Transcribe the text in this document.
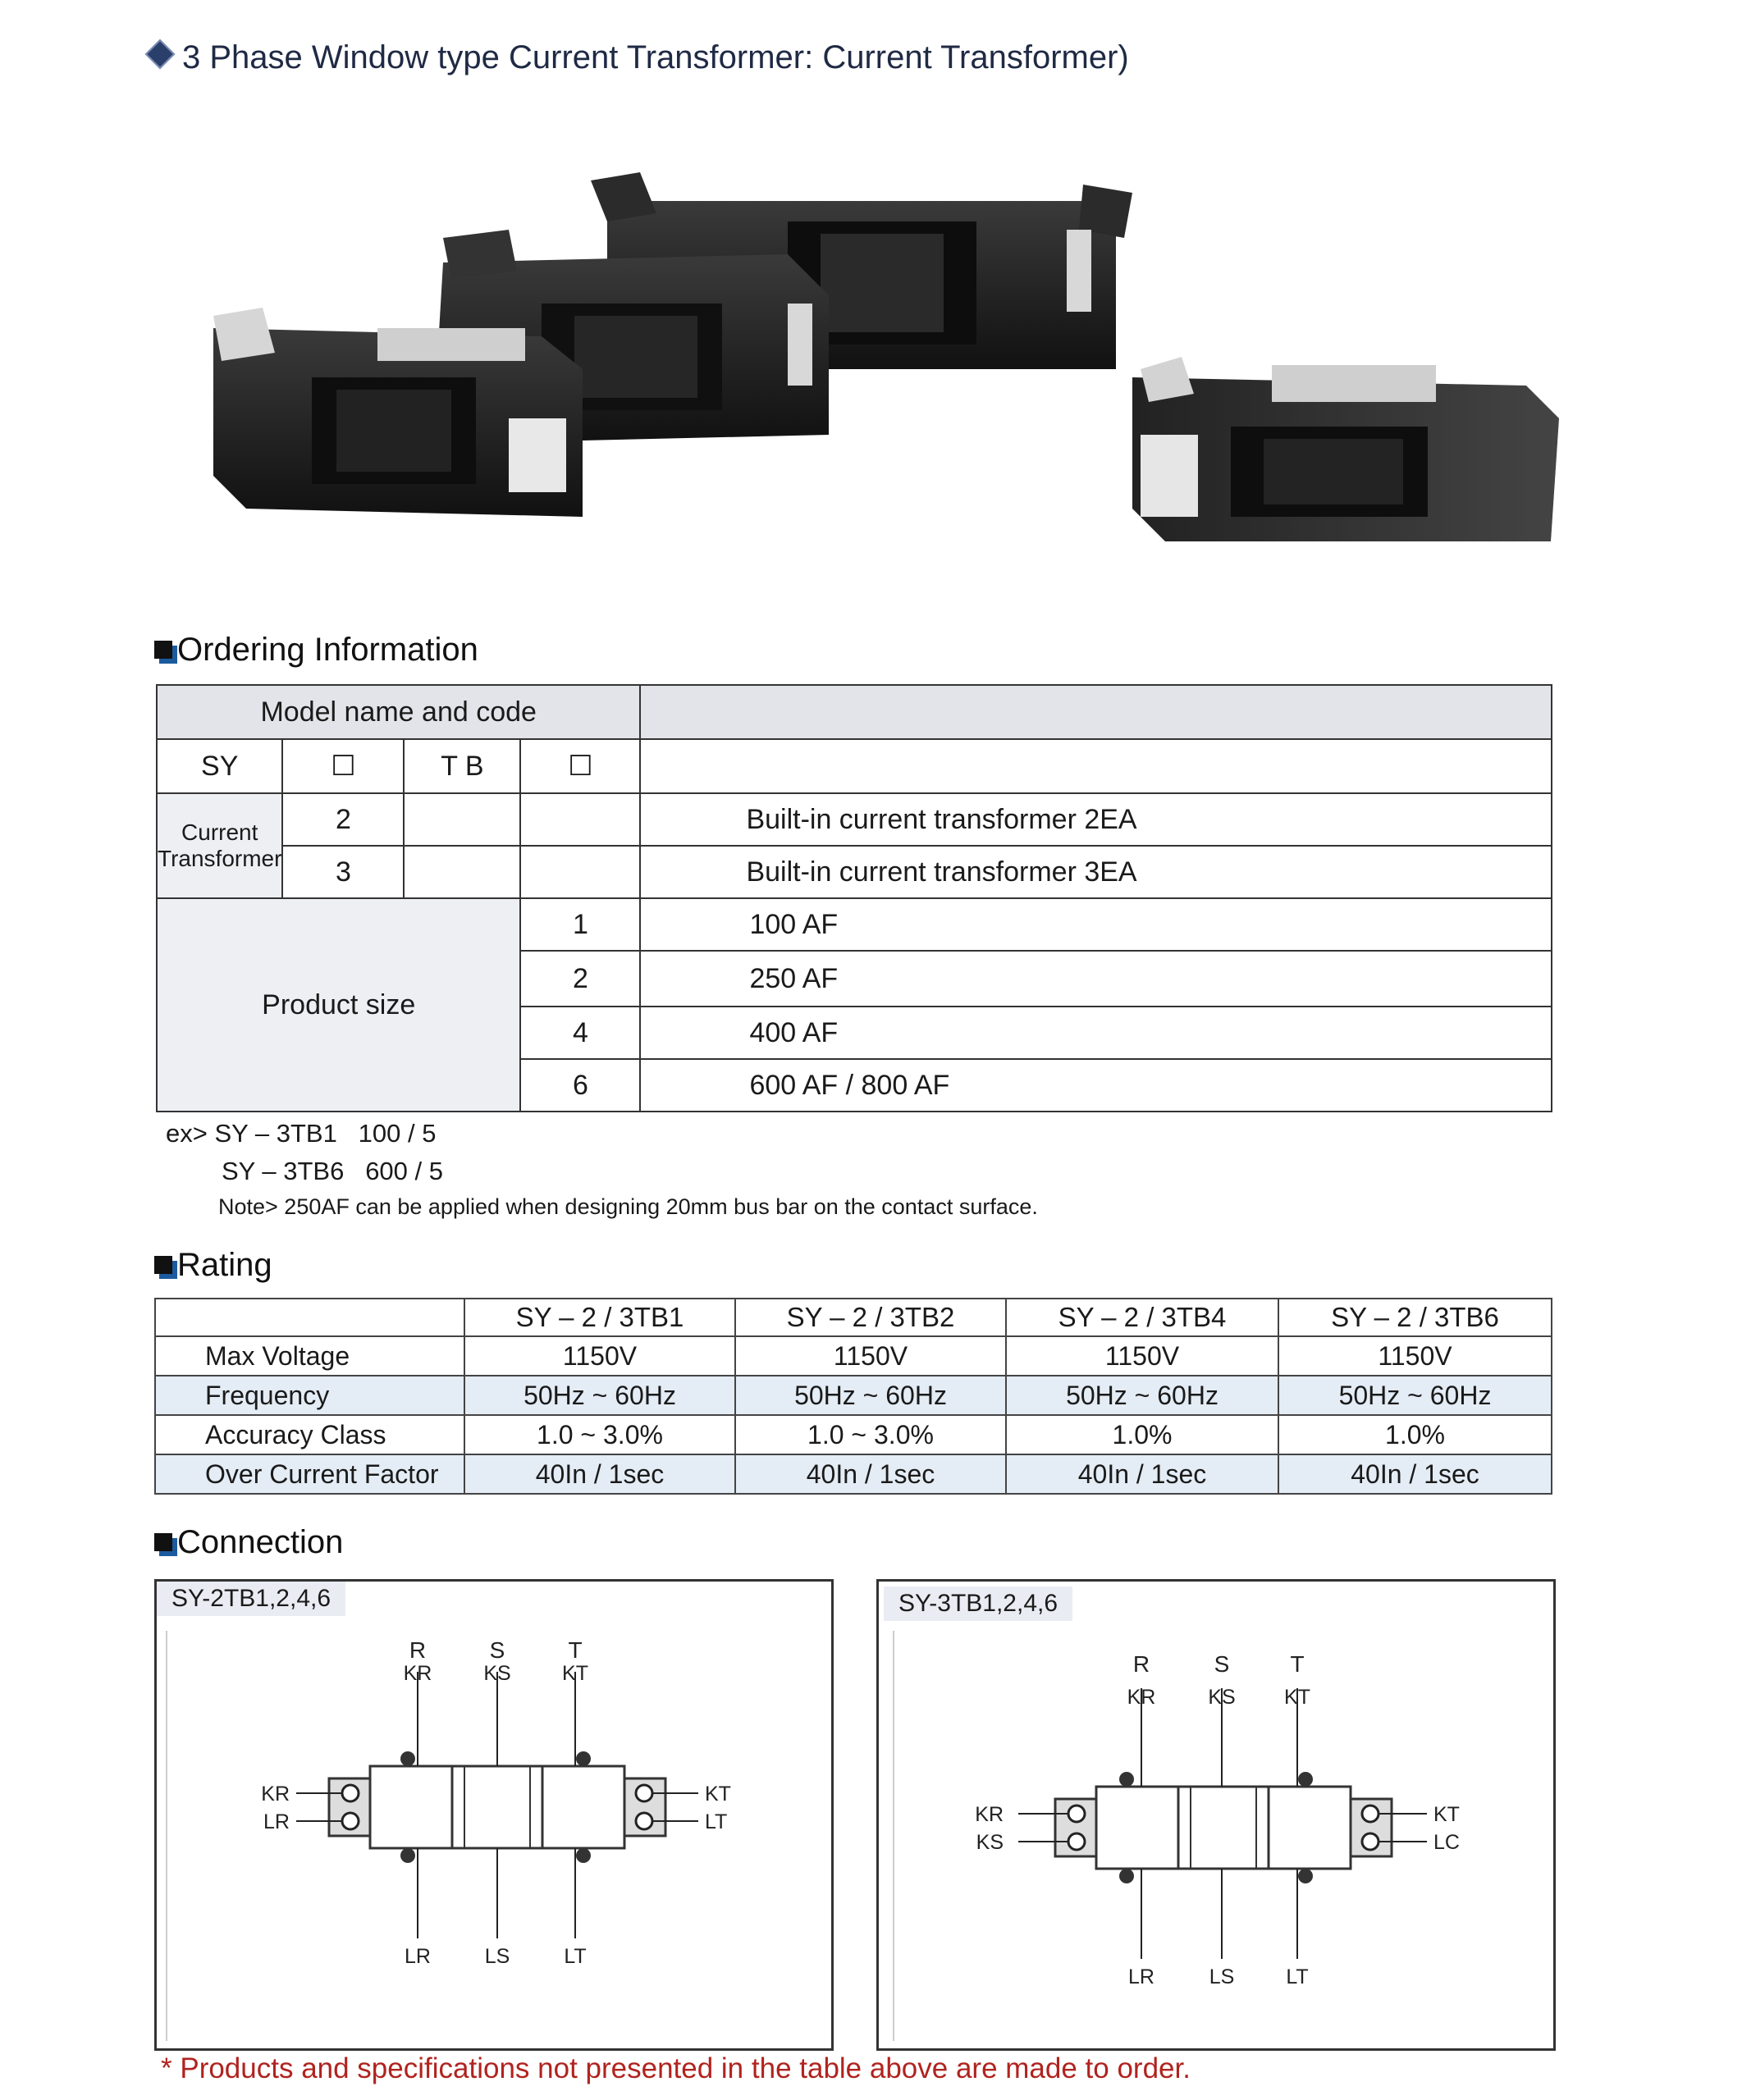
3 Phase Window type Current Transformer: Current Transformer)
Ordering Information
Model name and code				
SY	☐	T B	☐	
Current Transformer	2			Built-in current transformer 2EA
	3			Built-in current transformer 3EA
Product size			1	100 AF
			2	250 AF
			4	400 AF
			6	600 AF / 800 AF
ex> SY – 3TB1   100 / 5
SY – 3TB6   600 / 5
Note> 250AF can be applied when designing 20mm bus bar on the contact surface.
Rating
	SY – 2 / 3TB1	SY – 2 / 3TB2	SY – 2 / 3TB4	SY – 2 / 3TB6
Max Voltage	1150V	1150V	1150V	1150V
Frequency	50Hz ~ 60Hz	50Hz ~ 60Hz	50Hz ~ 60Hz	50Hz ~ 60Hz
Accuracy Class	1.0 ~ 3.0%	1.0 ~ 3.0%	1.0%	1.0%
Over Current Factor	40In / 1sec	40In / 1sec	40In / 1sec	40In / 1sec
Connection
SY-2TB1,2,4,6
R	S	T
KR	KS KT
KR
LR
KT
LT
LR	LS	LT
SY-3TB1,2,4,6
R	S	T
KR	KS KT
KR
KS
KT
LC
LR	LS	LT
* Products and specifications not presented in the table above are made to order.
